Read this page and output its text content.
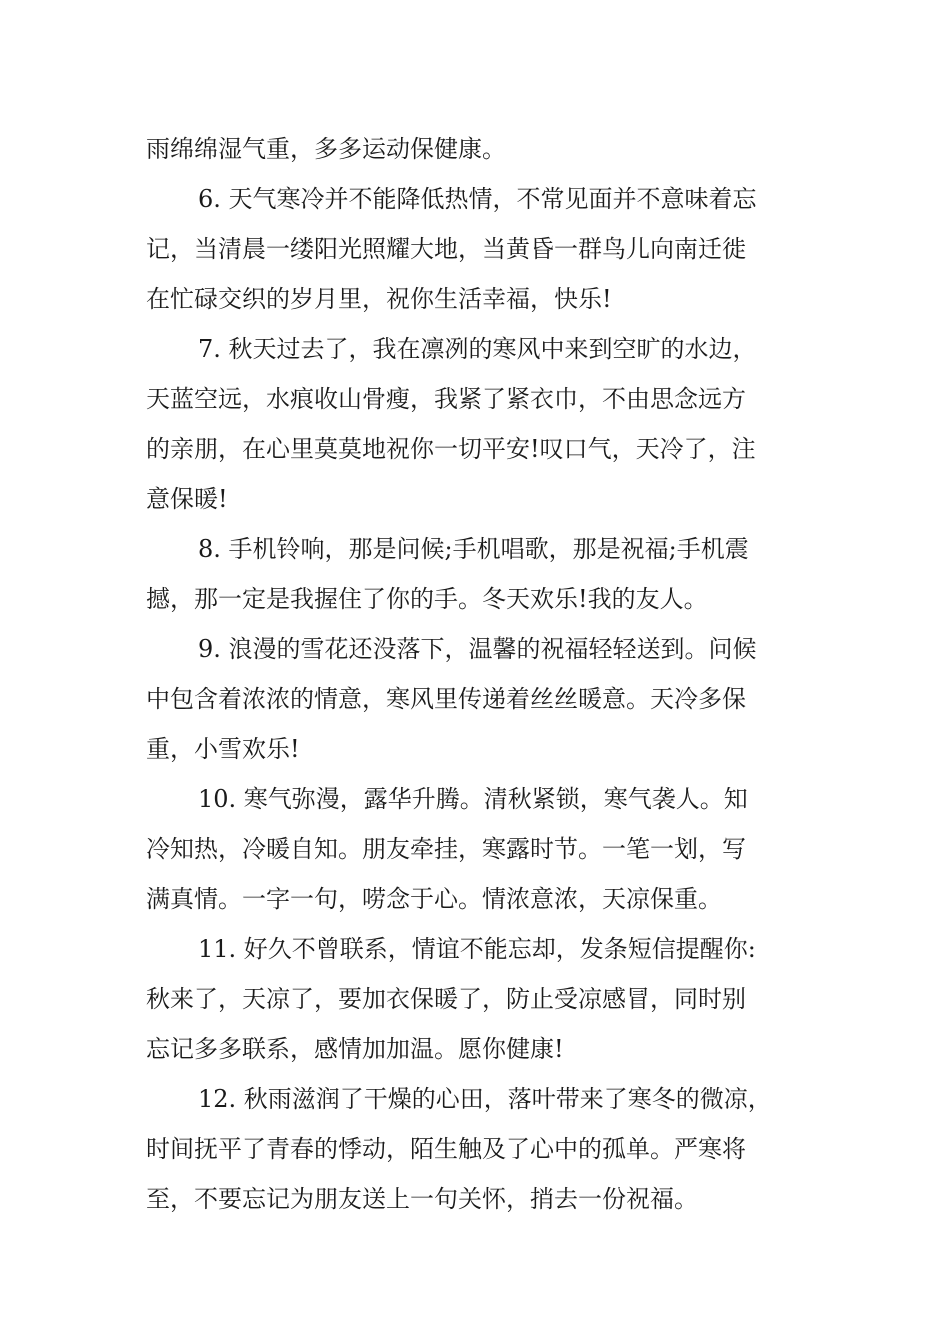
雨绵绵湿气重，多多运动保健康。
6. 天气寒冷并不能降低热情，不常见面并不意味着忘
记，当清晨一缕阳光照耀大地，当黄昏一群鸟儿向南迁徙
在忙碌交织的岁月里，祝你生活幸福，快乐!
7. 秋天过去了，我在凛冽的寒风中来到空旷的水边，
天蓝空远，水痕收山骨瘦，我紧了紧衣巾，不由思念远方
的亲朋，在心里莫莫地祝你一切平安!叹口气，天冷了，注
意保暖!
8. 手机铃响，那是问候;手机唱歌，那是祝福;手机震
撼，那一定是我握住了你的手。冬天欢乐!我的友人。
9. 浪漫的雪花还没落下，温馨的祝福轻轻送到。问候
中包含着浓浓的情意，寒风里传递着丝丝暖意。天冷多保
重，小雪欢乐!
10. 寒气弥漫，露华升腾。清秋紧锁，寒气袭人。知
冷知热，冷暖自知。朋友牵挂，寒露时节。一笔一划，写
满真情。一字一句，唠念于心。情浓意浓，天凉保重。
11. 好久不曾联系，情谊不能忘却，发条短信提醒你:
秋来了，天凉了，要加衣保暖了，防止受凉感冒，同时别
忘记多多联系，感情加加温。愿你健康!
12. 秋雨滋润了干燥的心田，落叶带来了寒冬的微凉，
时间抚平了青春的悸动，陌生触及了心中的孤单。严寒将
至，不要忘记为朋友送上一句关怀，捎去一份祝福。
